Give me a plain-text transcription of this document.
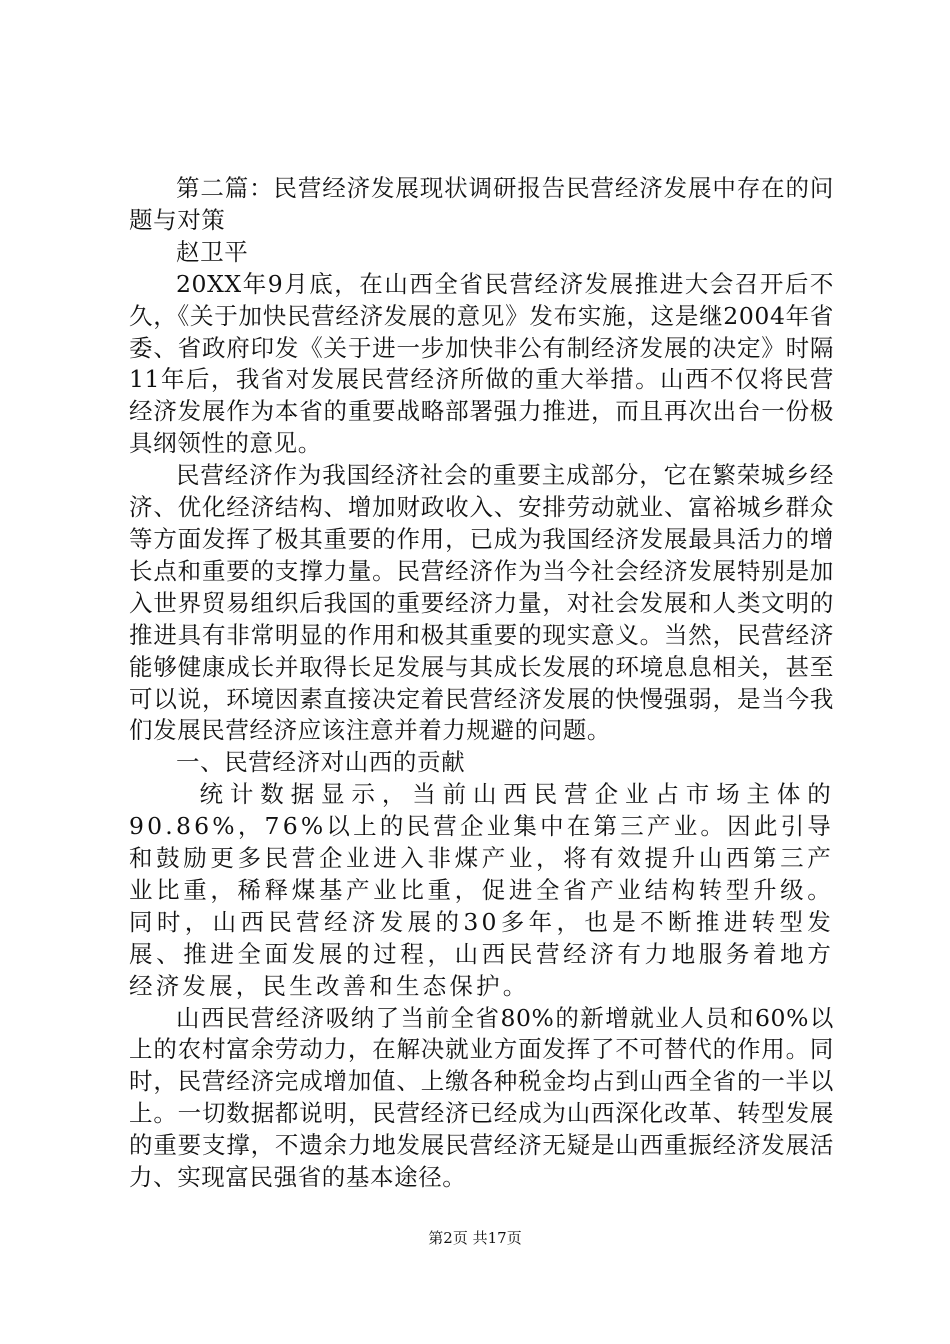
第二篇：民营经济发展现状调研报告民营经济发展中存在的问题与对策

赵卫平

20XX年9月底，在山西全省民营经济发展推进大会召开后不久，《关于加快民营经济发展的意见》发布实施，这是继2004年省委、省政府印发《关于进一步加快非公有制经济发展的决定》时隔11年后，我省对发展民营经济所做的重大举措。山西不仅将民营经济发展作为本省的重要战略部署强力推进，而且再次出台一份极具纲领性的意见。

民营经济作为我国经济社会的重要主成部分，它在繁荣城乡经济、优化经济结构、增加财政收入、安排劳动就业、富裕城乡群众等方面发挥了极其重要的作用，已成为我国经济发展最具活力的增长点和重要的支撑力量。民营经济作为当今社会经济发展特别是加入世界贸易组织后我国的重要经济力量，对社会发展和人类文明的推进具有非常明显的作用和极其重要的现实意义。当然，民营经济能够健康成长并取得长足发展与其成长发展的环境息息相关，甚至可以说，环境因素直接决定着民营经济发展的快慢强弱，是当今我们发展民营经济应该注意并着力规避的问题。

一、民营经济对山西的贡献

统计数据显示，当前山西民营企业占市场主体的90.86%，76%以上的民营企业集中在第三产业。因此引导和鼓励更多民营企业进入非煤产业，将有效提升山西第三产业比重，稀释煤基产业比重，促进全省产业结构转型升级。同时，山西民营经济发展的30多年，也是不断推进转型发展、推进全面发展的过程，山西民营经济有力地服务着地方经济发展，民生改善和生态保护。

山西民营经济吸纳了当前全省80%的新增就业人员和60%以上的农村富余劳动力，在解决就业方面发挥了不可替代的作用。同时，民营经济完成增加值、上缴各种税金均占到山西全省的一半以上。一切数据都说明，民营经济已经成为山西深化改革、转型发展的重要支撑，不遗余力地发展民营经济无疑是山西重振经济发展活力、实现富民强省的基本途径。

第2页 共17页
